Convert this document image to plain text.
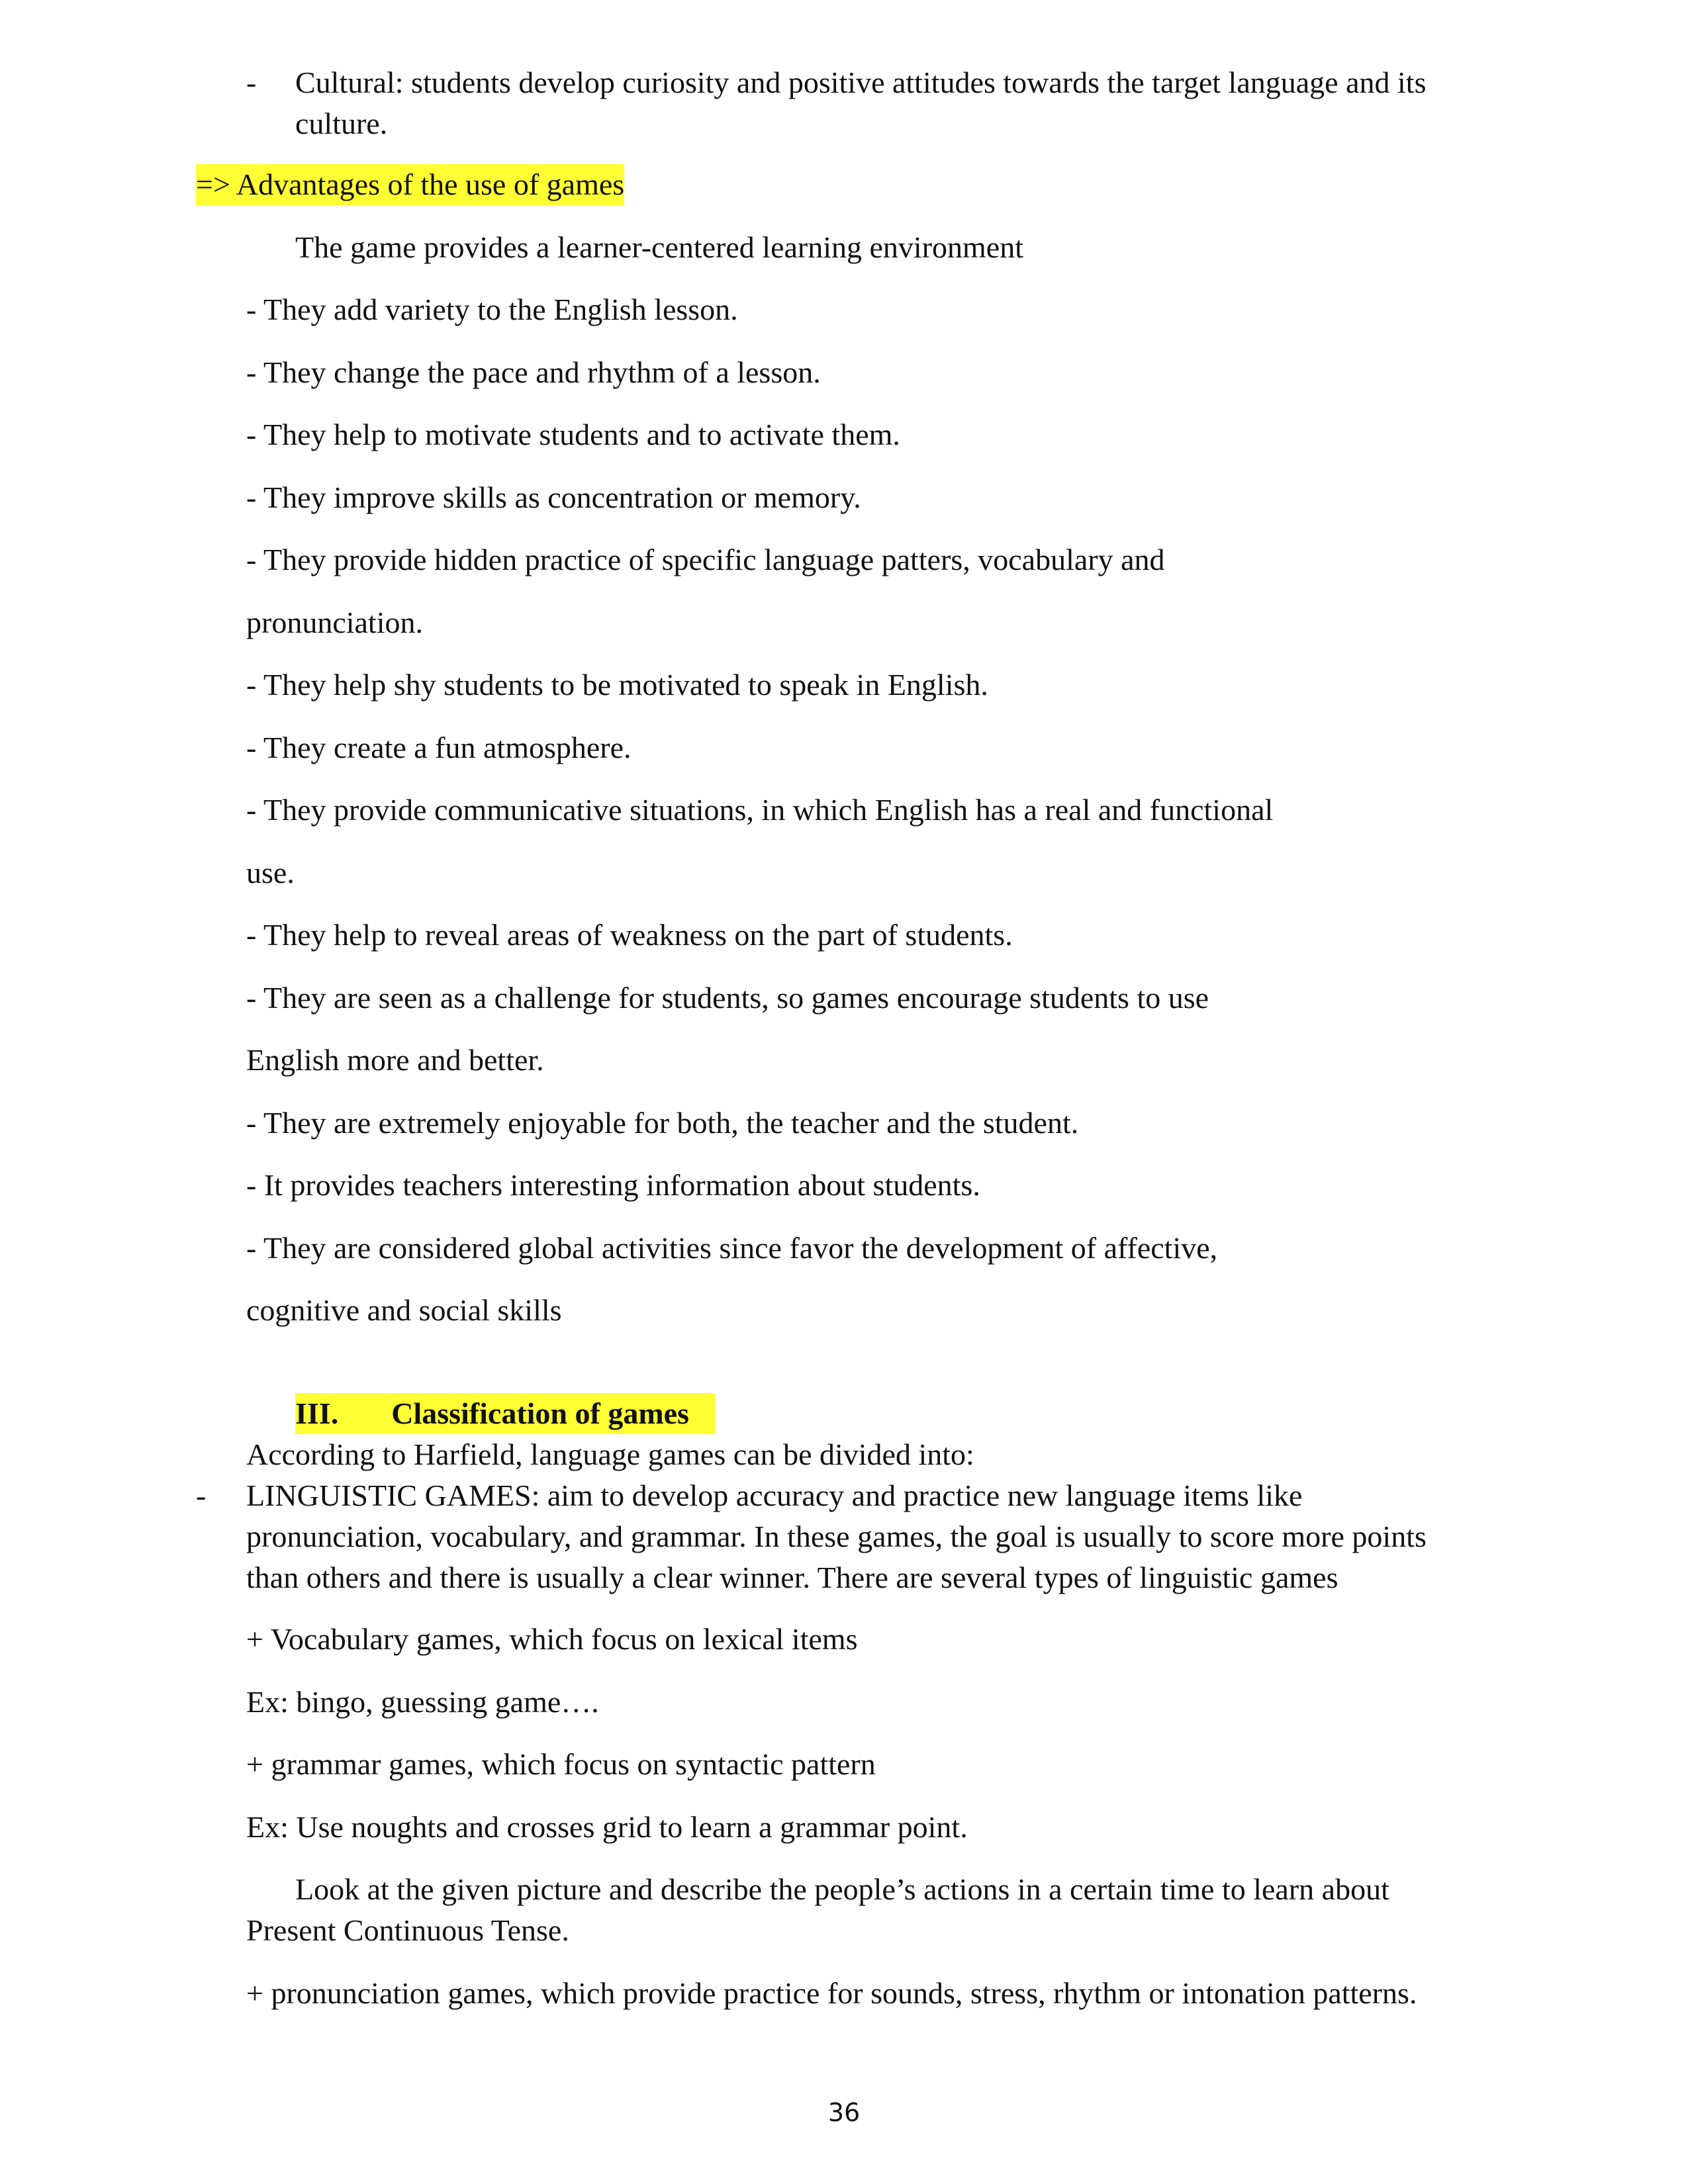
- Cultural: students develop curiosity and positive attitudes towards the target language and its
culture.
=> Advantages of the use of games
The game provides a learner-centered learning environment
- They add variety to the English lesson.
- They change the pace and rhythm of a lesson.
- They help to motivate students and to activate them.
- They improve skills as concentration or memory.
- They provide hidden practice of specific language patters, vocabulary and
pronunciation.
- They help shy students to be motivated to speak in English.
- They create a fun atmosphere.
- They provide communicative situations, in which English has a real and functional
use.
- They help to reveal areas of weakness on the part of students.
- They are seen as a challenge for students, so games encourage students to use
English more and better.
- They are extremely enjoyable for both, the teacher and the student.
- It provides teachers interesting information about students.
- They are considered global activities since favor the development of affective,
cognitive and social skills
III. Classification of games
According to Harfield, language games can be divided into:
- LINGUISTIC GAMES: aim to develop accuracy and practice new language items like
pronunciation, vocabulary, and grammar. In these games, the goal is usually to score more points
than others and there is usually a clear winner. There are several types of linguistic games
+ Vocabulary games, which focus on lexical items
Ex: bingo, guessing game….
+ grammar games, which focus on syntactic pattern
Ex: Use noughts and crosses grid to learn a grammar point.
Look at the given picture and describe the people’s actions in a certain time to learn about
Present Continuous Tense.
+ pronunciation games, which provide practice for sounds, stress, rhythm or intonation patterns.
36
